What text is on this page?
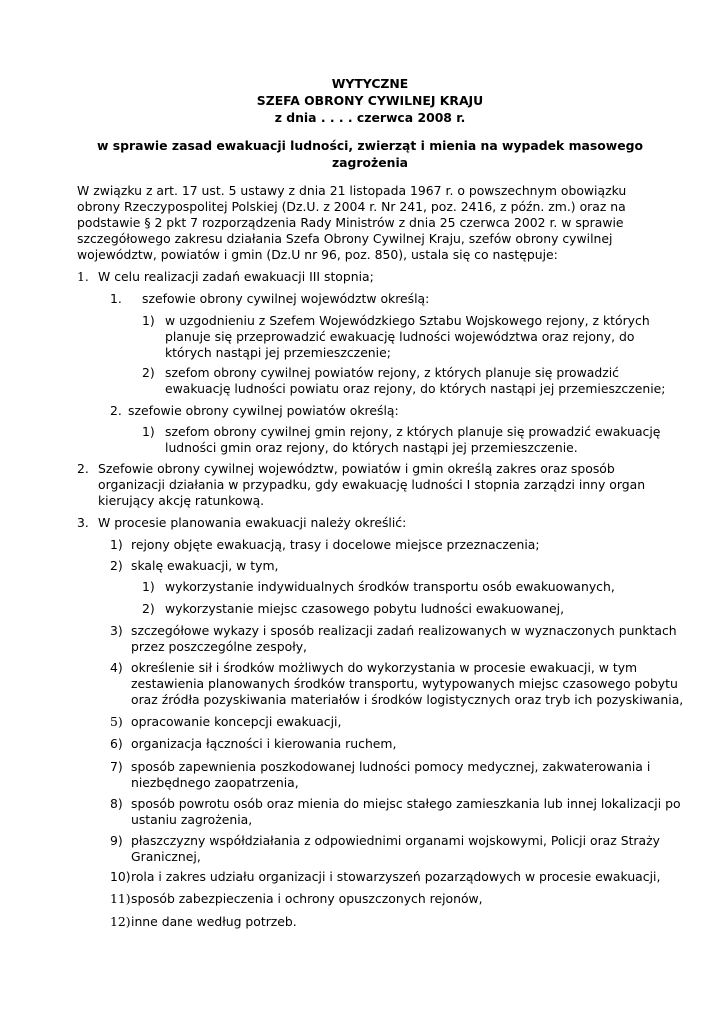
WYTYCZNE
SZEFA OBRONY CYWILNEJ KRAJU
z dnia . . . . czerwca 2008 r.
w sprawie zasad ewakuacji ludności, zwierząt i mienia na wypadek masowego
zagrożenia
W związku z art. 17 ust. 5 ustawy z dnia 21 listopada 1967 r. o powszechnym obowiązku
obrony Rzeczypospolitej Polskiej (Dz.U. z 2004 r. Nr 241, poz. 2416, z późn. zm.) oraz na
podstawie § 2 pkt 7 rozporządzenia Rady Ministrów z dnia 25 czerwca 2002 r. w sprawie
szczegółowego zakresu działania Szefa Obrony Cywilnej Kraju, szefów obrony cywilnej
województw, powiatów i gmin (Dz.U nr 96, poz. 850), ustala się co następuje:
1. W celu realizacji zadań ewakuacji III stopnia;
1. szefowie obrony cywilnej województw określą:
1) w uzgodnieniu z Szefem Wojewódzkiego Sztabu Wojskowego rejony, z których
planuje się przeprowadzić ewakuację ludności województwa oraz rejony, do
których nastąpi jej przemieszczenie;
2) szefom obrony cywilnej powiatów rejony, z których planuje się prowadzić
ewakuację ludności powiatu oraz rejony, do których nastąpi jej przemieszczenie;
2. szefowie obrony cywilnej powiatów określą:
1) szefom obrony cywilnej gmin rejony, z których planuje się prowadzić ewakuację
ludności gmin oraz rejony, do których nastąpi jej przemieszczenie.
2. Szefowie obrony cywilnej województw, powiatów i gmin określą zakres oraz sposób
organizacji działania w przypadku, gdy ewakuację ludności I stopnia zarządzi inny organ
kierujący akcję ratunkową.
3. W procesie planowania ewakuacji należy określić:
1) rejony objęte ewakuacją, trasy i docelowe miejsce przeznaczenia;
2) skalę ewakuacji, w tym,
1) wykorzystanie indywidualnych środków transportu osób ewakuowanych,
2) wykorzystanie miejsc czasowego pobytu ludności ewakuowanej,
3) szczegółowe wykazy i sposób realizacji zadań realizowanych w wyznaczonych punktach
przez poszczególne zespoły,
4) określenie sił i środków możliwych do wykorzystania w procesie ewakuacji, w tym
zestawienia planowanych środków transportu, wytypowanych miejsc czasowego pobytu
oraz źródła pozyskiwania materiałów i środków logistycznych oraz tryb ich pozyskiwania,
5) opracowanie koncepcji ewakuacji,
6) organizacja łączności i kierowania ruchem,
7) sposób zapewnienia poszkodowanej ludności pomocy medycznej, zakwaterowania i
niezbędnego zaopatrzenia,
8) sposób powrotu osób oraz mienia do miejsc stałego zamieszkania lub innej lokalizacji po
ustaniu zagrożenia,
9) płaszczyzny współdziałania z odpowiednimi organami wojskowymi, Policji oraz Straży
Granicznej,
10) rola i zakres udziału organizacji i stowarzyszeń pozarządowych w procesie ewakuacji,
11) sposób zabezpieczenia i ochrony opuszczonych rejonów,
12) inne dane według potrzeb.
